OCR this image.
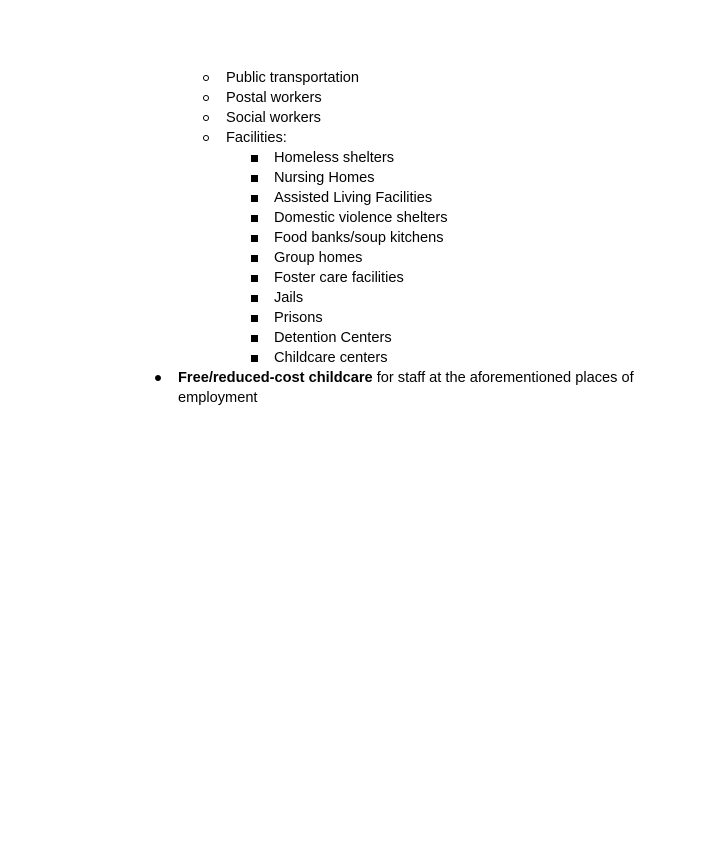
Public transportation
Postal workers
Social workers
Facilities:
Homeless shelters
Nursing Homes
Assisted Living Facilities
Domestic violence shelters
Food banks/soup kitchens
Group homes
Foster care facilities
Jails
Prisons
Detention Centers
Childcare centers
Free/reduced-cost childcare for staff at the aforementioned places of
employment
